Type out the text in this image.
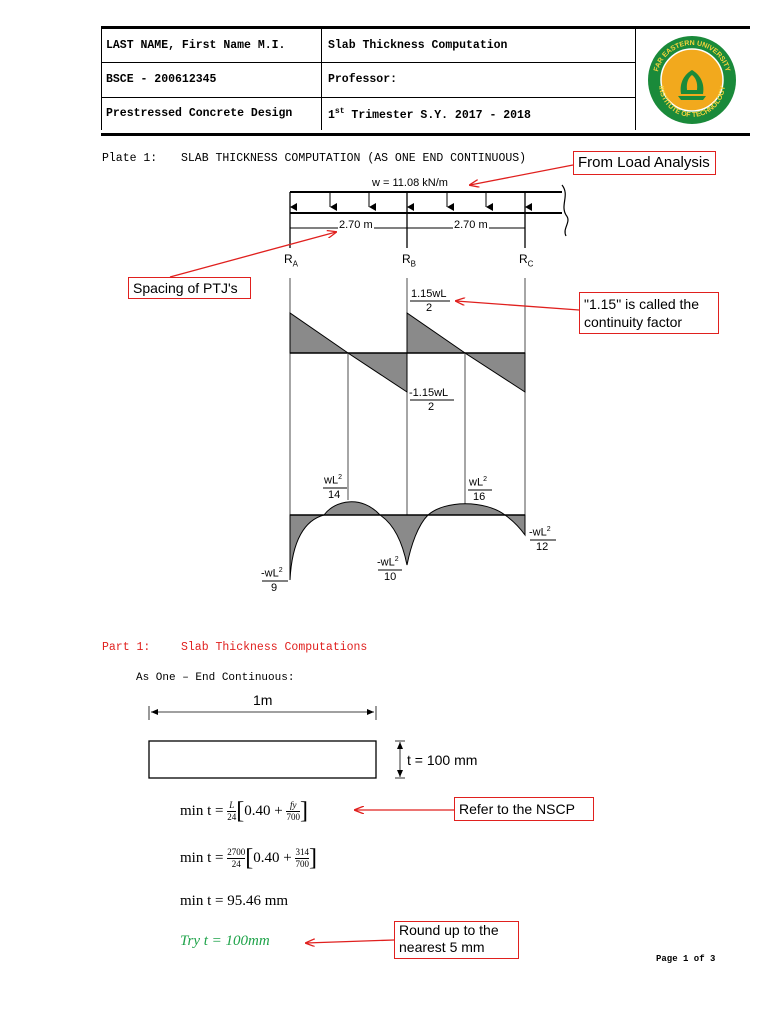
LAST NAME, First Name M.I.	Slab Thickness Computation
BSCE - 200612345	Professor:
Prestressed Concrete Design	1st Trimester S.Y. 2017 - 2018
FAR EASTERN UNIVERSITY
INSTITUTE OF TECHNOLOGY
Plate 1: SLAB THICKNESS COMPUTATION (AS ONE END CONTINUOUS)
w = 11.08 kN/m
2.70 m	2.70 m
$R_A$	$R_B$	$R_C$
1.15wL
2
-1.15wL
2
$wL^2$
14
$wL^2$
16
$-wL^2$
12
$-wL^2$
10
$-wL^2$
9
From Load Analysis
Spacing of PTJ's
"1.15" is called the continuity factor
Part 1:	Slab Thickness Computations
As One – End Continuous:
1m
t = 100 mm
$\min t = \frac{L}{24} [0.40 + \frac{fy}{700}$ ]
$\min t = \frac{2700}{24} [0.40 + \frac{314}{700}$ ]
min t = 95.46 mm
Try t = 100mm
Refer to the NSCP
Round up to the nearest 5 mm
Page 1 of 3
